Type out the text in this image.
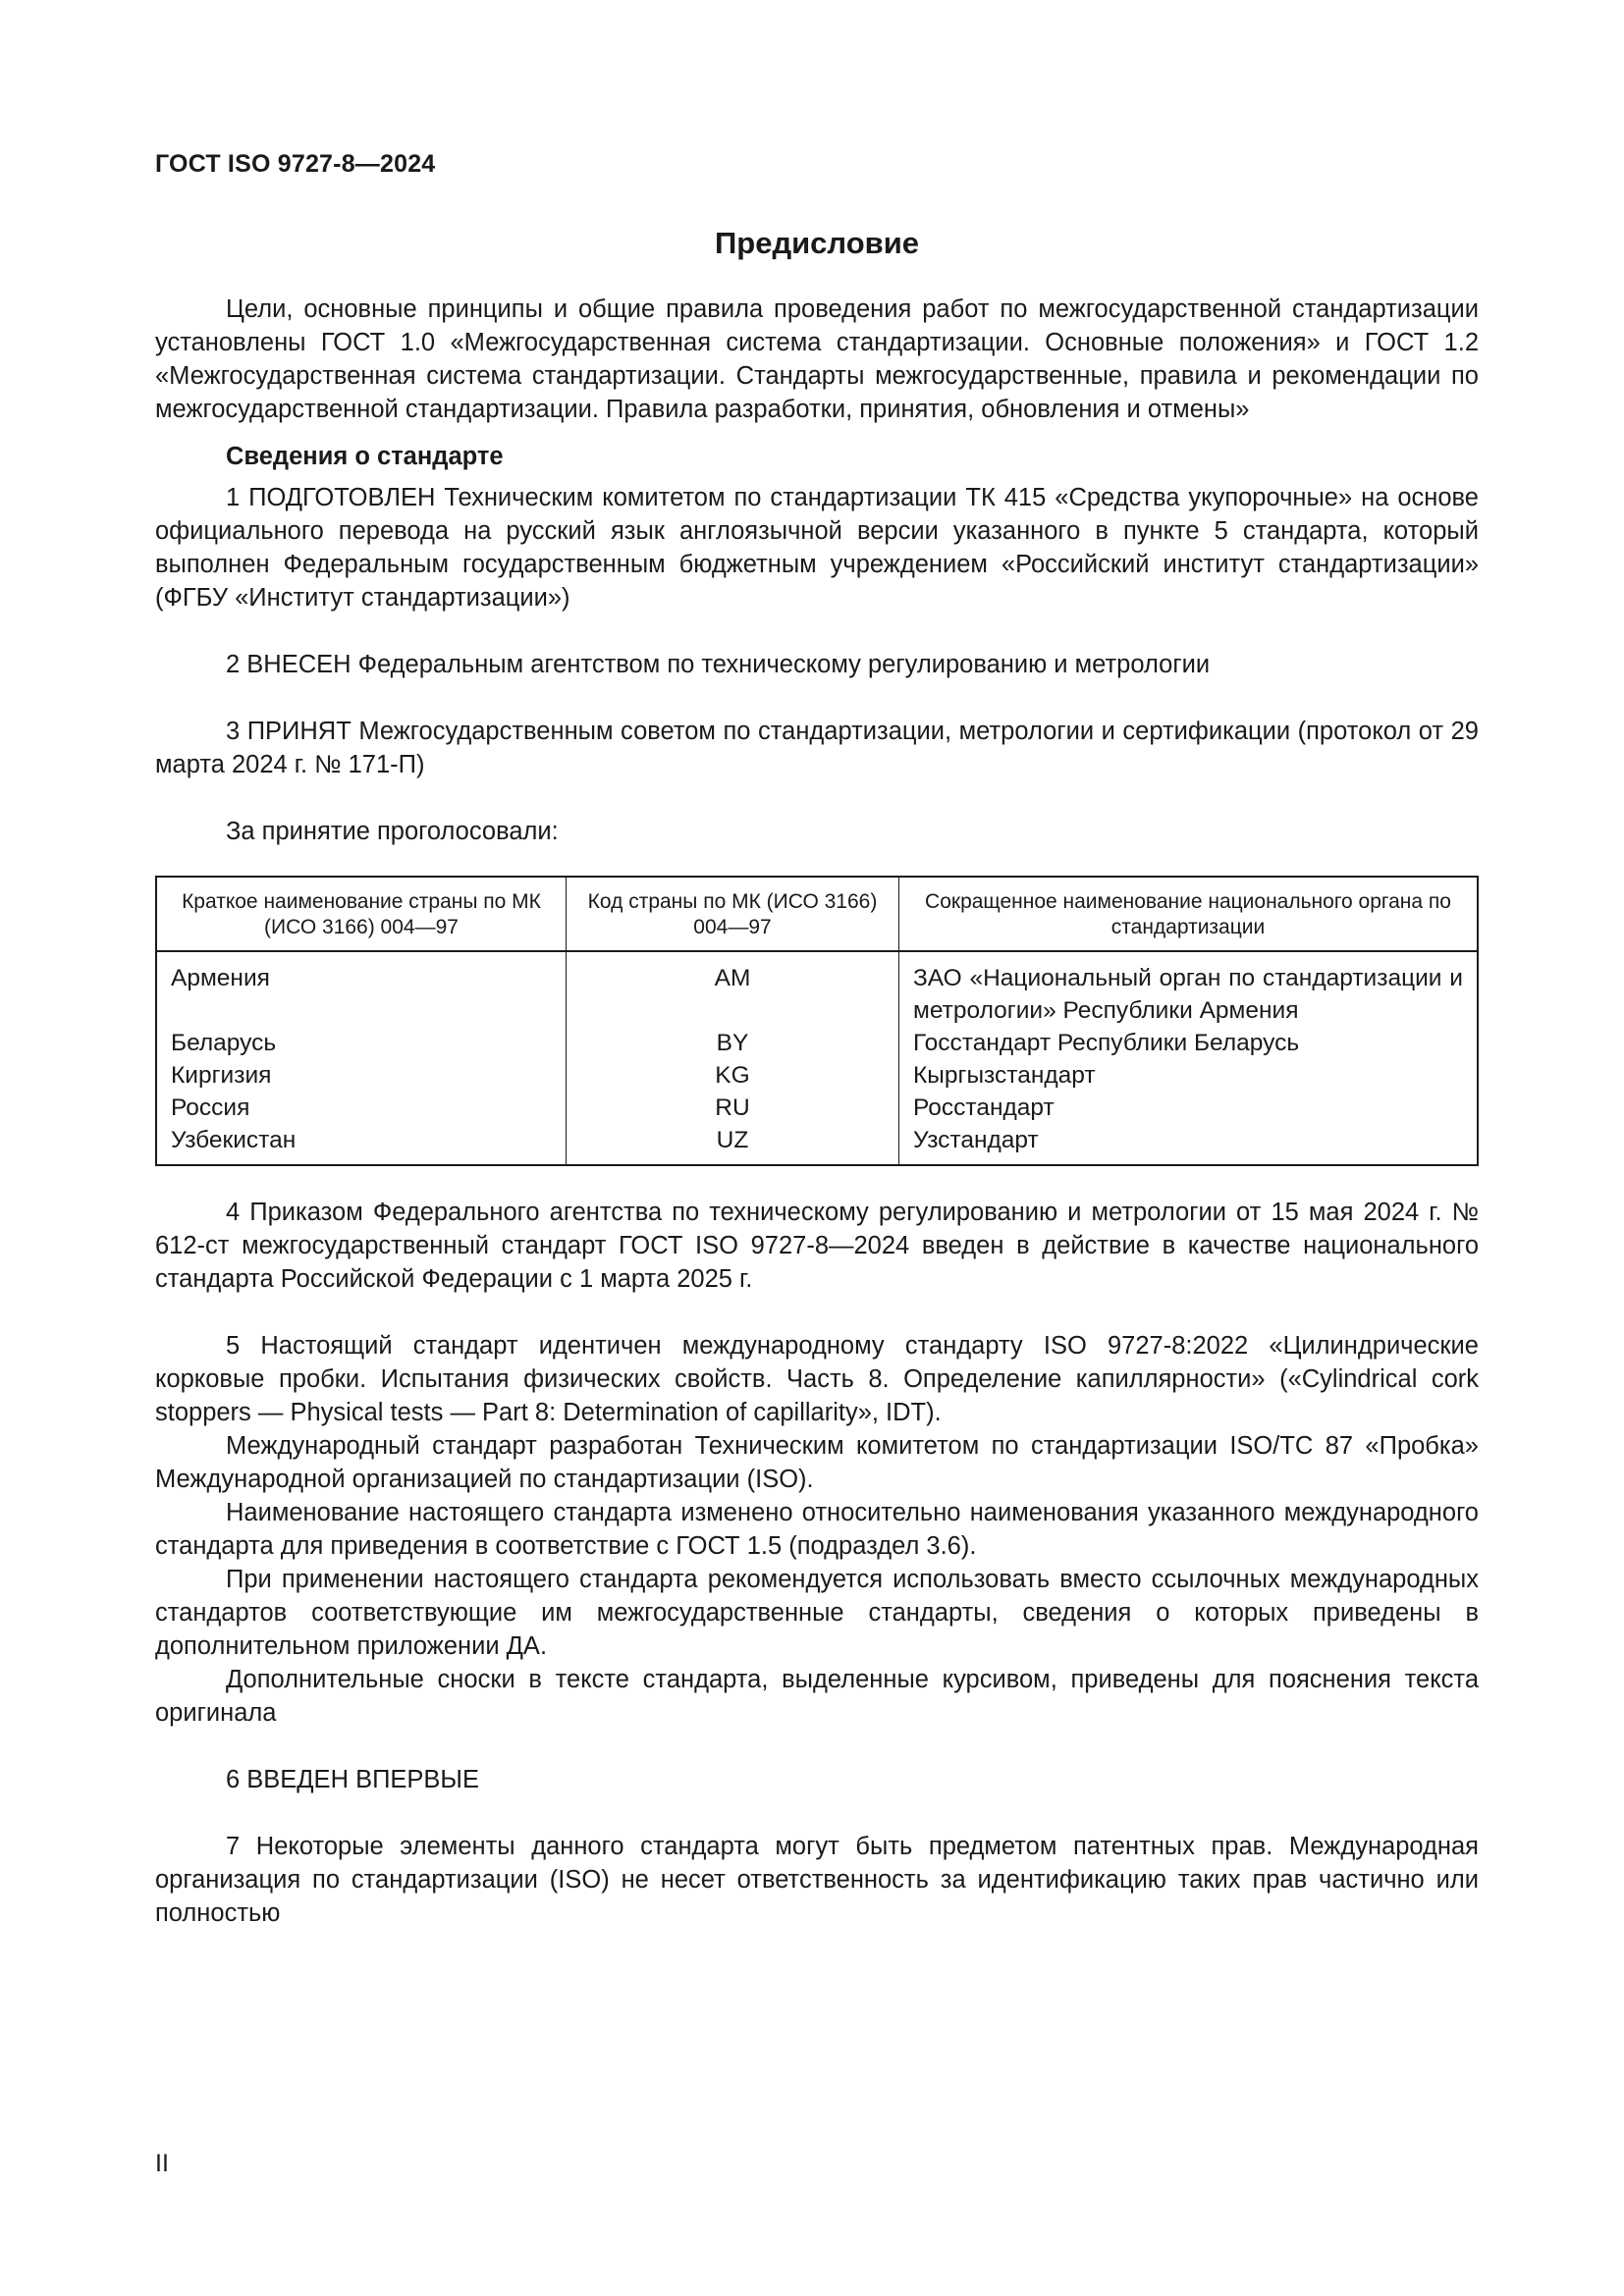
ГОСТ ISO 9727-8—2024
Предисловие

Цели, основные принципы и общие правила проведения работ по межгосударственной стандартизации установлены ГОСТ 1.0 «Межгосударственная система стандартизации. Основные положения» и ГОСТ 1.2 «Межгосударственная система стандартизации. Стандарты межгосударственные, правила и рекомендации по межгосударственной стандартизации. Правила разработки, принятия, обновления и отмены»

Сведения о стандарте

1 ПОДГОТОВЛЕН Техническим комитетом по стандартизации ТК 415 «Средства укупорочные» на основе официального перевода на русский язык англоязычной версии указанного в пункте 5 стандарта, который выполнен Федеральным государственным бюджетным учреждением «Российский институт стандартизации» (ФГБУ «Институт стандартизации»)

2 ВНЕСЕН Федеральным агентством по техническому регулированию и метрологии

3 ПРИНЯТ Межгосударственным советом по стандартизации, метрологии и сертификации (протокол от 29 марта 2024 г. № 171-П)

За принятие проголосовали:

Краткое наименование страны по МК (ИСО 3166) 004—97	Код страны по МК (ИСО 3166) 004—97	Сокращенное наименование национального органа по стандартизации
Армения	AM	ЗАО «Национальный орган по стандартизации и метрологии» Республики Армения
Беларусь	BY	Госстандарт Республики Беларусь
Киргизия	KG	Кыргызстандарт
Россия	RU	Росстандарт
Узбекистан	UZ	Узстандарт

4 Приказом Федерального агентства по техническому регулированию и метрологии от 15 мая 2024 г. № 612-ст межгосударственный стандарт ГОСТ ISO 9727-8—2024 введен в действие в качестве национального стандарта Российской Федерации с 1 марта 2025 г.

5 Настоящий стандарт идентичен международному стандарту ISO 9727-8:2022 «Цилиндрические корковые пробки. Испытания физических свойств. Часть 8. Определение капиллярности» («Cylindrical cork stoppers — Physical tests — Part 8: Determination of capillarity», IDT).

Международный стандарт разработан Техническим комитетом по стандартизации ISO/TC 87 «Пробка» Международной организацией по стандартизации (ISO).

Наименование настоящего стандарта изменено относительно наименования указанного международного стандарта для приведения в соответствие с ГОСТ 1.5 (подраздел 3.6).

При применении настоящего стандарта рекомендуется использовать вместо ссылочных международных стандартов соответствующие им межгосударственные стандарты, сведения о которых приведены в дополнительном приложении ДА.

Дополнительные сноски в тексте стандарта, выделенные курсивом, приведены для пояснения текста оригинала

6 ВВЕДЕН ВПЕРВЫЕ

7 Некоторые элементы данного стандарта могут быть предметом патентных прав. Международная организация по стандартизации (ISO) не несет ответственность за идентификацию таких прав частично или полностью

II
